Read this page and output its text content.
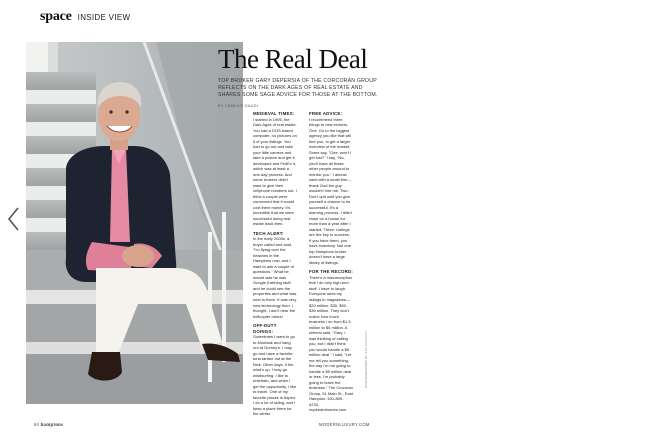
space INSIDE VIEW
The Real Deal
TOP BROKER GARY DEPERSIA OF THE CORCORAN GROUP REFLECTS ON THE DARK AGES OF REAL ESTATE AND SHARES SOME SAGE ADVICE FOR THOSE AT THE BOTTOM.
BY CAMILLE GAUDI
MEDIEVAL TIMES:
I started in 1995, the Dark Ages of real estate. You had a DOS-based computer, no pictures on it of your listings. You had to go out and take your little camera and take a picture and get it developed and FedEx it, which was at least a one-day process. And some brokers didn't want to give their cellphone numbers out. I think a couple were concerned that it would cost them money. It's incredible that we were successful doing real estate back then.
TECH ALERT:
In the early 2000s, a buyer called and said, "I'm flying over the beaches in the Hamptons now, and I want to ask a couple of questions." What he meant was he was Google Earthing stuff, and he could see the properties and what was next to them. It was very new technology then. I thought, I don't hear the helicopter rotors!
OFF-DUTY DOINGS:
Sometimes I want to go to Montauk and hang out at Gurney's. I may go and have a favorite tuna tartare out at the Nick. Other days, if the wind's up, I may go windsurfing. I like to entertain, and when I get the opportunity, I like to travel. One of my favorite places is Aspen. I do a lot of skiing, and I keep a place there for the winter.
FREE ADVICE:
I recommend three things to new brokers. One: Go to the biggest agency you like that will hire you, to get a larger overview of the market. Some say, "Gee, won't I get lost?" I say, "No, you'll have all these other people around to mentor you." I almost went with a small firm—thank God the guy wouldn't hire me. Two: Don't quit until you give yourself a chance to be successful. It's a learning process. I didn't close on a house for more than a year after I started. Three: Listings are the key to success. If you have them, you have inventory. Not one top Hamptons broker doesn't have a large library of listings.
FOR THE RECORD:
There's a misconception that I do only high-end stuff. I have to laugh. Everyone sees my listings in magazines—$20 million, $30, $50, $35 million. They don't notice how much business I do from $1.5 million to $5 million. A referral said, "Gary, I was thinking of calling you, but I didn't think you would handle a $5 million deal." I said, "Let me tell you something, the day I'm not going to handle a $5 million deal or less, I'm probably going to leave the business." The Corcoran Group, 51 Main St., East Hampton, 631-899-0233, mydreamhomes.com
PHOTOGRAPHED BY XXX XXXXXXX
64 hamptons	MODERNLUXURY.COM
